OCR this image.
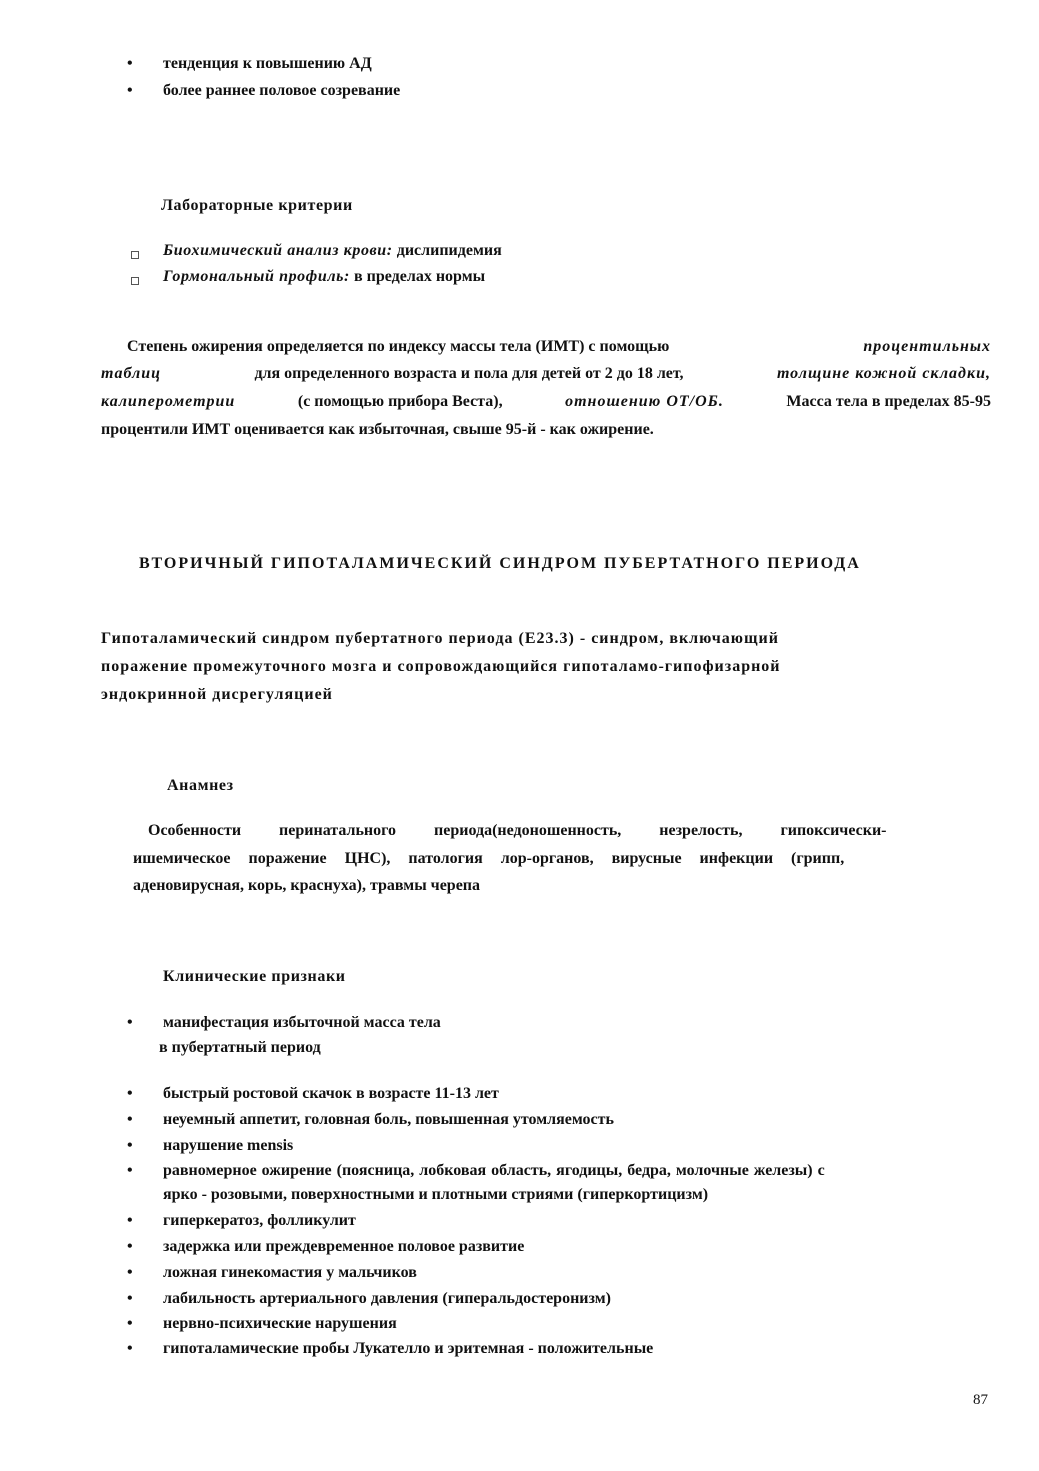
• тенденция к повышению АД
• более раннее половое созревание
Лабораторные критерии
Биохимический анализ крови: дислипидемия
Гормональный профиль: в пределах нормы
Степень ожирения определяется по индексу массы тела (ИМТ) с помощью	процентильных
таблиц	для определенного возраста и пола для детей от 2 до 18 лет,	толщине кожной складки,
калиперометрии	(с помощью прибора Веста),	отношению ОТ/ОБ.	Масса тела в пределах 85-95
процентили ИМТ оценивается как избыточная, свыше 95-й - как ожирение.
ВТОРИЧНЫЙ ГИПОТАЛАМИЧЕСКИЙ СИНДРОМ ПУБЕРТАТНОГО ПЕРИОДА
Гипоталамический синдром пубертатного периода (Е23.3) - синдром, включающий
поражение промежуточного мозга и сопровождающийся гипоталамо-гипофизарной
эндокринной дисрегуляцией
Анамнез
Особенности перинатального периода(недоношенность, незрелость, гипоксически-
ишемическое поражение ЦНС), патология лор-органов, вирусные инфекции (грипп,
аденовирусная, корь, краснуха), травмы черепа
Клинические признаки
• манифестация избыточной масса тела
в пубертатный период
• быстрый ростовой скачок в возрасте 11-13 лет
• неуемный аппетит, головная боль, повышенная утомляемость
• нарушение mensis
• равномерное ожирение (поясница, лобковая область, ягодицы, бедра, молочные железы) с
ярко - розовыми, поверхностными и плотными стриями (гиперкортицизм)
• гиперкератоз, фолликулит
• задержка или преждевременное половое развитие
• ложная гинекомастия у мальчиков
• лабильность артериального давления (гиперальдостеронизм)
• нервно-психические нарушения
• гипоталамические пробы Лукателло и эритемная - положительные
87
